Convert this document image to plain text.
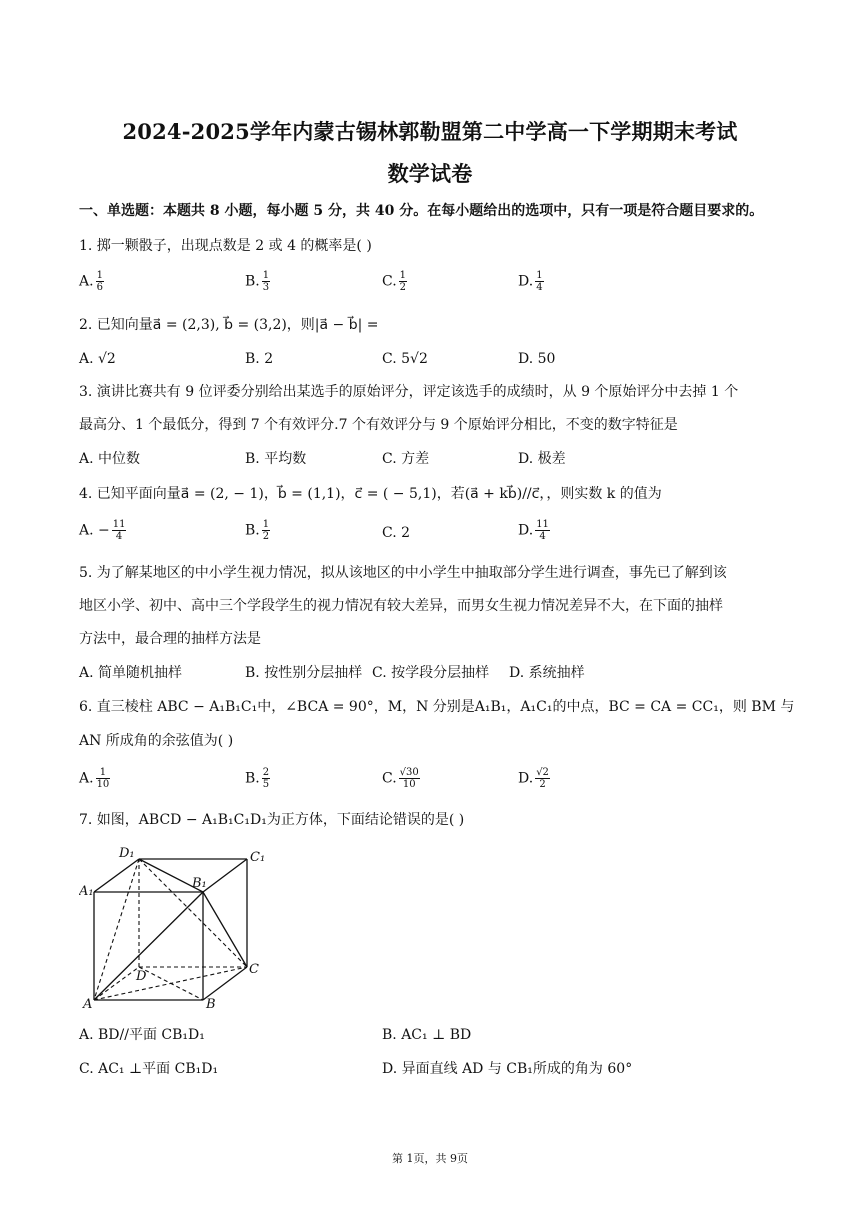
2024-2025学年内蒙古锡林郭勒盟第二中学高一下学期期末考试
数学试卷
一、单选题：本题共 8 小题，每小题 5 分，共 40 分。在每小题给出的选项中，只有一项是符合题目要求的。
1. 掷一颗骰子，出现点数是 2 或 4 的概率是( )
A. $\frac{1}{6}$	B. $\frac{1}{3}$	C. $\frac{1}{2}$	D. $\frac{1}{4}$
2. 已知向量a⃗ = (2,3), b⃗ = (3,2)，则|a⃗ − b⃗| =
A. √2	B. 2	C. 5√2	D. 50
3. 演讲比赛共有 9 位评委分别给出某选手的原始评分，评定该选手的成绩时，从 9 个原始评分中去掉 1 个
最高分、1 个最低分，得到 7 个有效评分.7 个有效评分与 9 个原始评分相比，不变的数字特征是
A. 中位数	B. 平均数	C. 方差	D. 极差
4. 已知平面向量a⃗ = (2, − 1)，b⃗ = (1,1)，c⃗ = ( − 5,1)，若(a⃗ + kb⃗)//c⃗，，则实数 k 的值为
A. − $\frac{11}{4}$	B. $\frac{1}{2}$	C. 2	D. $\frac{11}{4}$
5. 为了解某地区的中小学生视力情况，拟从该地区的中小学生中抽取部分学生进行调查，事先已了解到该
地区小学、初中、高中三个学段学生的视力情况有较大差异，而男女生视力情况差异不大，在下面的抽样
方法中，最合理的抽样方法是
A. 简单随机抽样	B. 按性别分层抽样 C. 按学段分层抽样 D. 系统抽样
6. 直三棱柱 ABC − A₁B₁C₁中，∠BCA = 90°，M，N 分别是A₁B₁，A₁C₁的中点，BC = CA = CC₁，则 BM 与
AN 所成角的余弦值为( )
A. $\frac{1}{10}$	B. $\frac{2}{5}$	C. $\frac{√30}{10}$	D. $\frac{√2}{2}$
7. 如图，ABCD − A₁B₁C₁D₁为正方体，下面结论错误的是( )
D₁	C₁
A₁
B₁
D	C
A	B
A. BD//平面 CB₁D₁	B. AC₁ ⊥ BD
C. AC₁ ⊥平面 CB₁D₁	D. 异面直线 AD 与 CB₁所成的角为 60°
第 1页，共 9页
